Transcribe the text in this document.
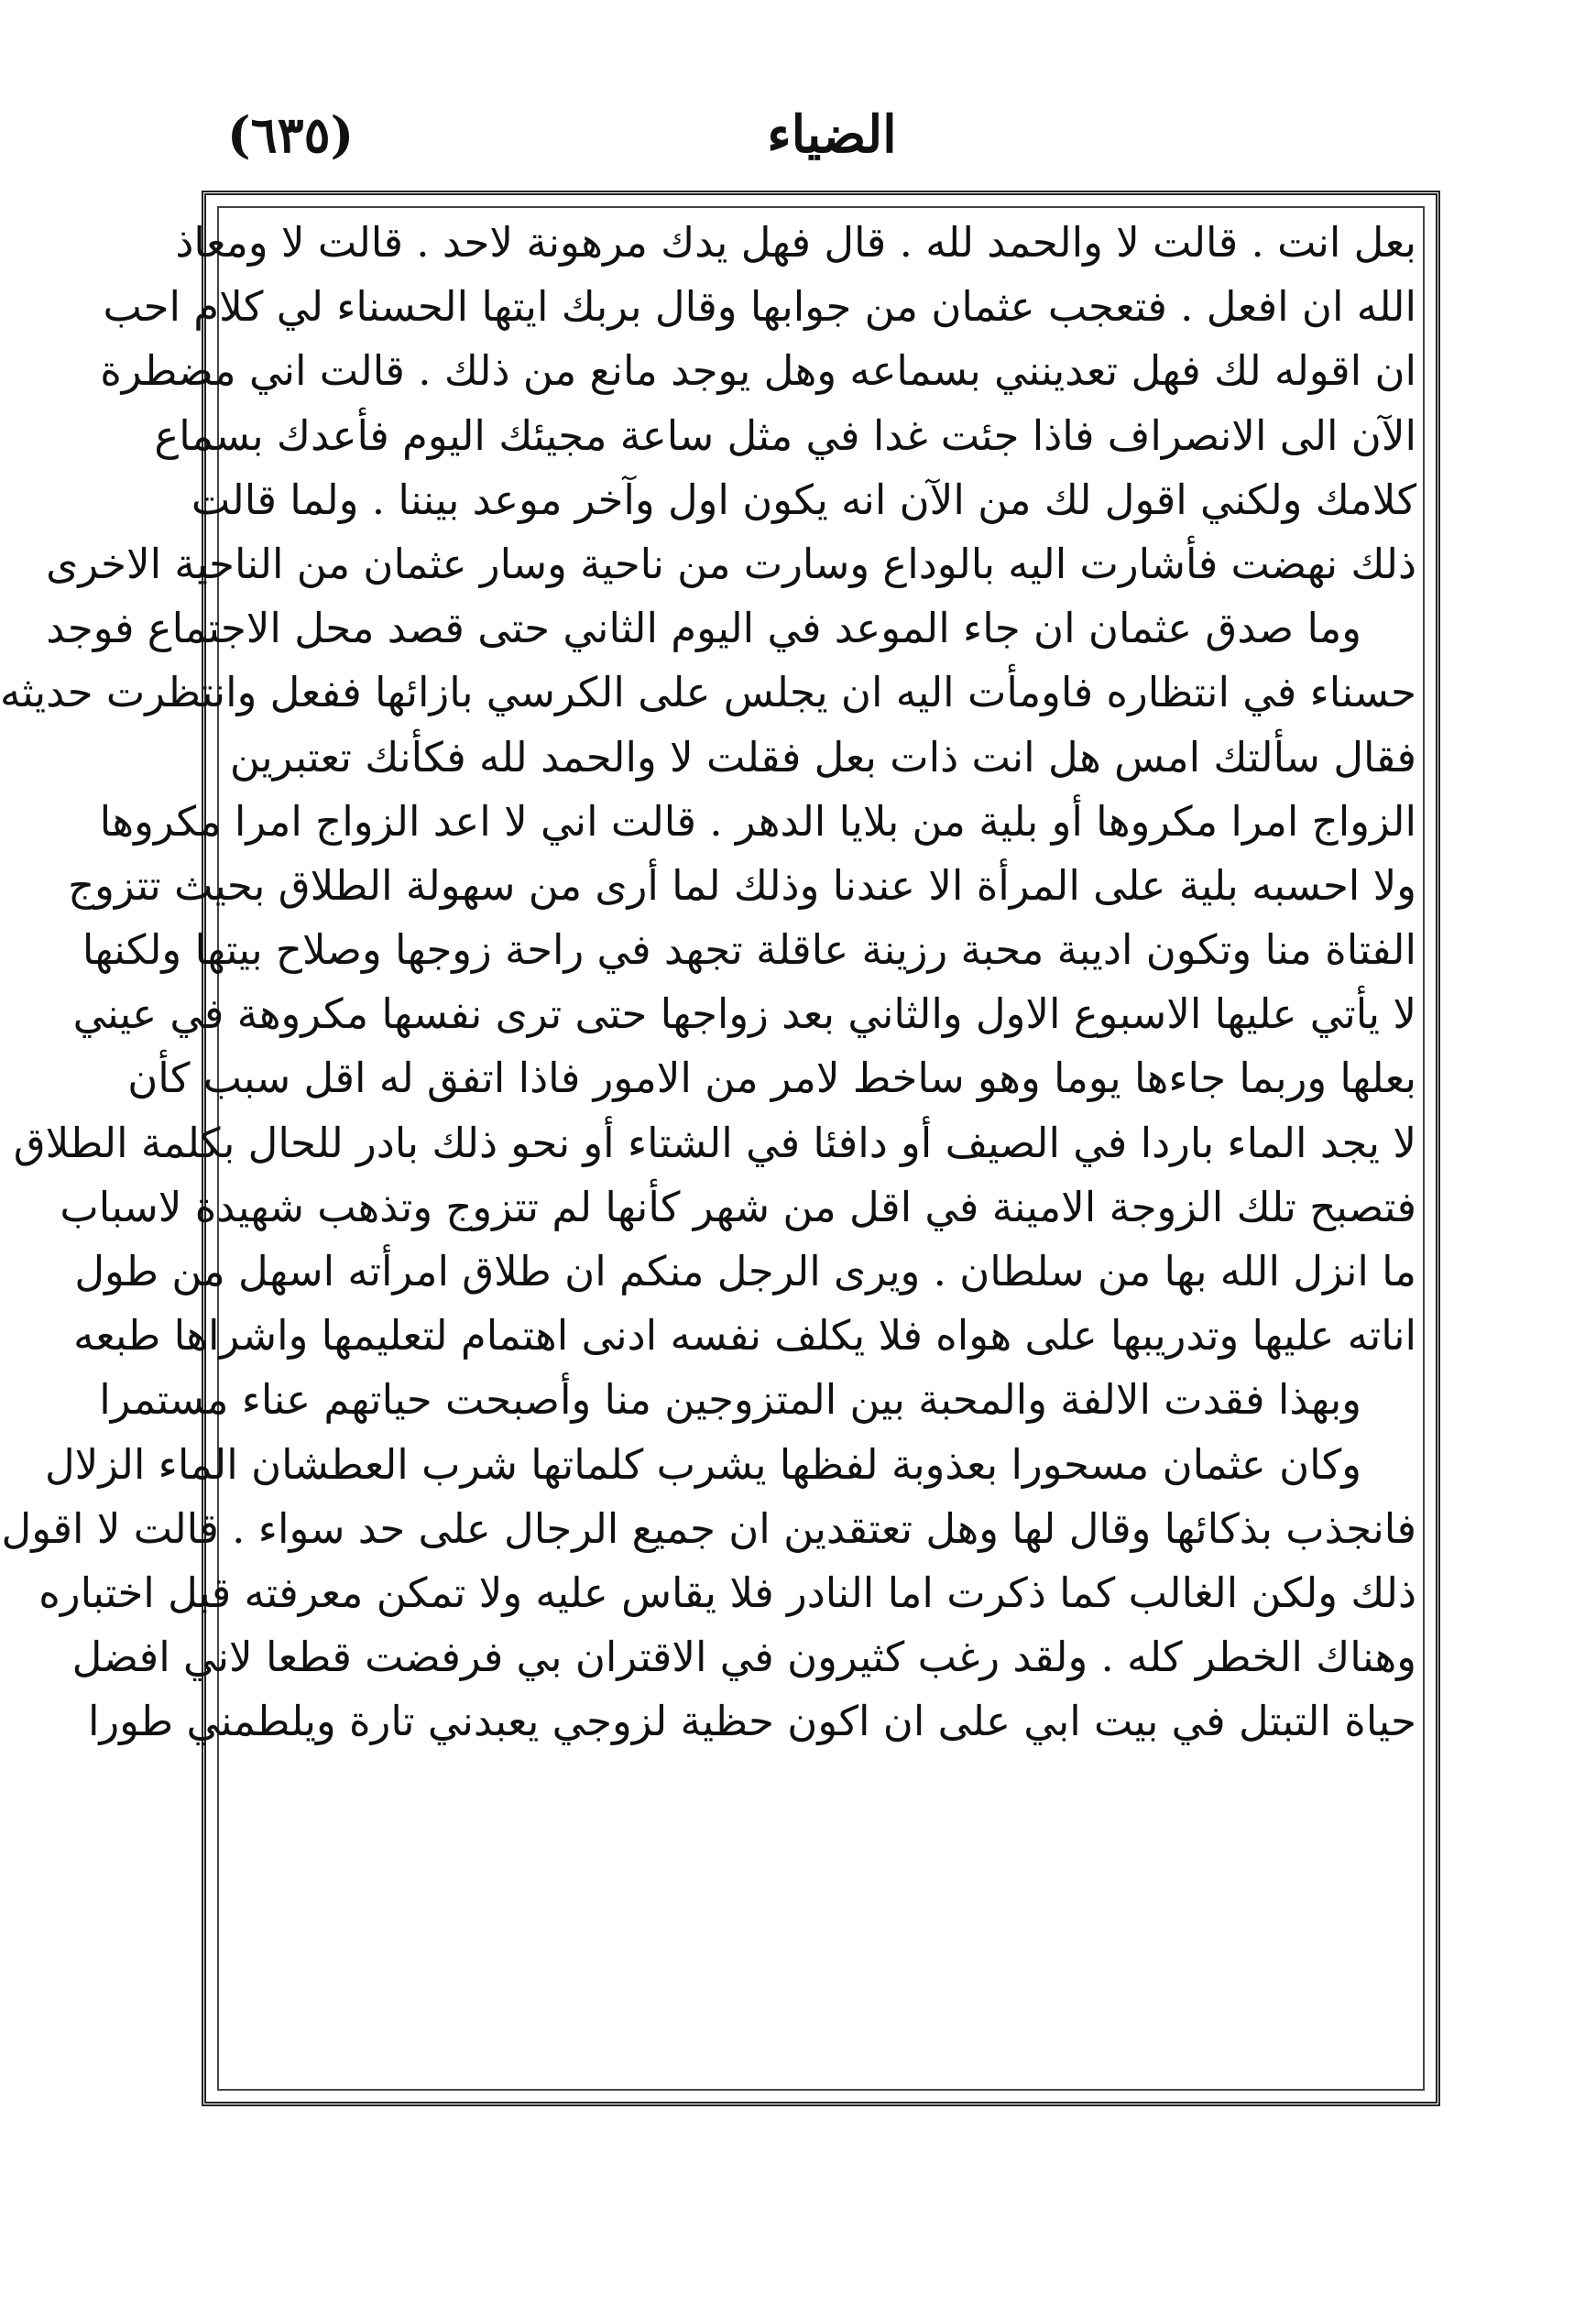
الضياء
(٦٣٥)
بعل انت . قالت لا والحمد لله . قال فهل يدك مرهونة لاحد . قالت لا ومعاذ
الله ان افعل . فتعجب عثمان من جوابها وقال بربك ايتها الحسناء لي كلام احب
ان اقوله لك فهل تعدينني بسماعه وهل يوجد مانع من ذلك . قالت اني مضطرة
الآن الى الانصراف فاذا جئت غدا في مثل ساعة مجيئك اليوم فأعدك بسماع
كلامك ولكني اقول لك من الآن انه يكون اول وآخر موعد بيننا . ولما قالت
ذلك نهضت فأشارت اليه بالوداع وسارت من ناحية وسار عثمان من الناحية الاخرى
وما صدق عثمان ان جاء الموعد في اليوم الثاني حتى قصد محل الاجتماع فوجد
حسناء في انتظاره فاومأت اليه ان يجلس على الكرسي بازائها ففعل وانتظرت حديثه
فقال سألتك امس هل انت ذات بعل فقلت لا والحمد لله فكأنك تعتبرين
الزواج امرا مكروها أو بلية من بلايا الدهر . قالت اني لا اعد الزواج امرا مكروها
ولا احسبه بلية على المرأة الا عندنا وذلك لما أرى من سهولة الطلاق بحيث تتزوج
الفتاة منا وتكون اديبة محبة رزينة عاقلة تجهد في راحة زوجها وصلاح بيتها ولكنها
لا يأتي عليها الاسبوع الاول والثاني بعد زواجها حتى ترى نفسها مكروهة في عيني
بعلها وربما جاءها يوما وهو ساخط لامر من الامور فاذا اتفق له اقل سبب كأن
لا يجد الماء باردا في الصيف أو دافئا في الشتاء أو نحو ذلك بادر للحال بكلمة الطلاق
فتصبح تلك الزوجة الامينة في اقل من شهر كأنها لم تتزوج وتذهب شهيدة لاسباب
ما انزل الله بها من سلطان . ويرى الرجل منكم ان طلاق امرأته اسهل من طول
اناته عليها وتدريبها على هواه فلا يكلف نفسه ادنى اهتمام لتعليمها واشراها طبعه
وبهذا فقدت الالفة والمحبة بين المتزوجين منا وأصبحت حياتهم عناء مستمرا
وكان عثمان مسحورا بعذوبة لفظها يشرب كلماتها شرب العطشان الماء الزلال
فانجذب بذكائها وقال لها وهل تعتقدين ان جميع الرجال على حد سواء . قالت لا اقول
ذلك ولكن الغالب كما ذكرت اما النادر فلا يقاس عليه ولا تمكن معرفته قبل اختباره
وهناك الخطر كله . ولقد رغب كثيرون في الاقتران بي فرفضت قطعا لاني افضل
حياة التبتل في بيت ابي على ان اكون حظية لزوجي يعبدني تارة ويلطمني طورا
